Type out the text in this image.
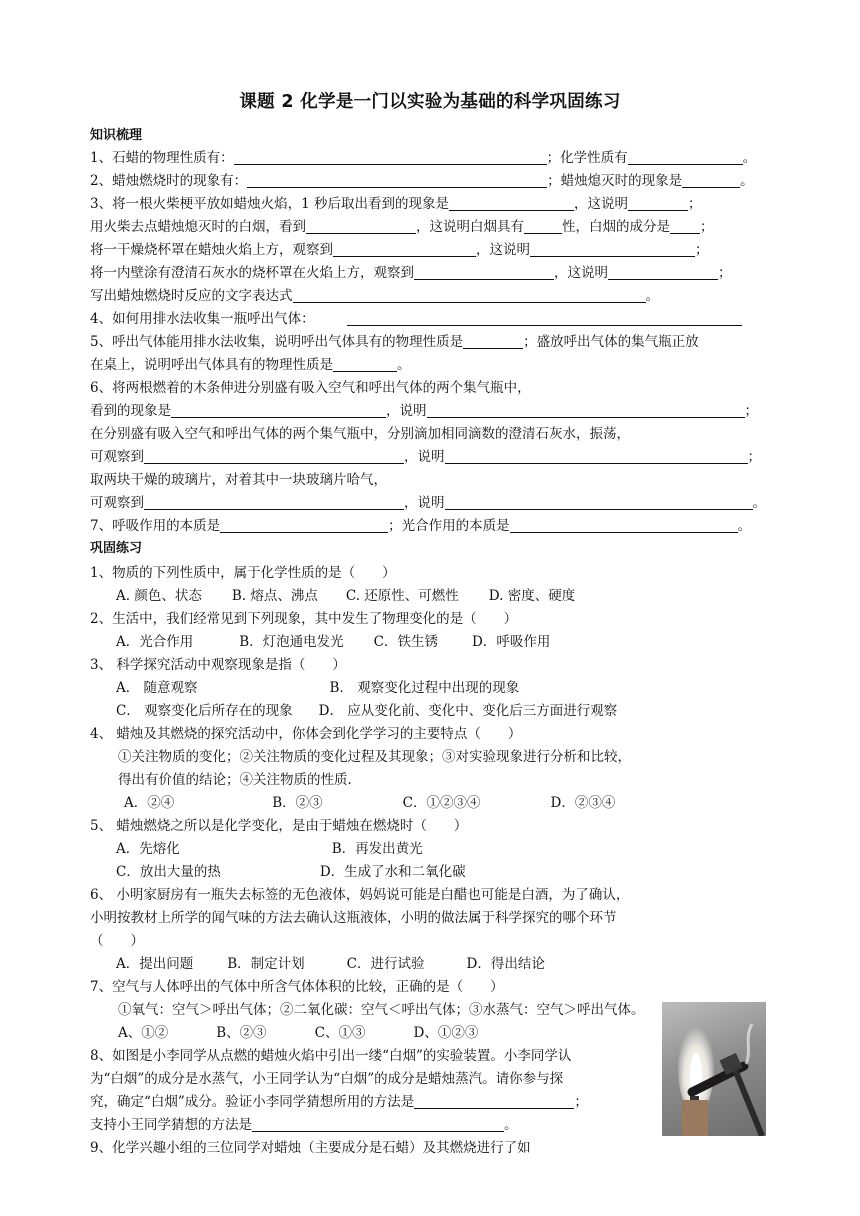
课题 2 化学是一门以实验为基础的科学巩固练习
知识梳理
1、石蜡的物理性质有：	；化学性质有	。
2、蜡烛燃烧时的现象有：	；蜡烛熄灭时的现象是	。
3、将一根火柴梗平放如蜡烛火焰，1 秒后取出看到的现象是	，这说明	；
用火柴去点蜡烛熄灭时的白烟，看到	，这说明白烟具有	性，白烟的成分是 ；
将一干燥烧杯罩在蜡烛火焰上方，观察到	，这说明	；
将一内壁涂有澄清石灰水的烧杯罩在火焰上方，观察到	，这说明	；
写出蜡烛燃烧时反应的文字表达式	。
4、如何用排水法收集一瓶呼出气体：
5、呼出气体能用排水法收集，说明呼出气体具有的物理性质是	；盛放呼出气体的集气瓶正放
在桌上，说明呼出气体具有的物理性质是	。
6、将两根燃着的木条伸进分别盛有吸入空气和呼出气体的两个集气瓶中，
看到的现象是	，说明	；
在分别盛有吸入空气和呼出气体的两个集气瓶中，分别滴加相同滴数的澄清石灰水，振荡，
可观察到	，说明	；
取两块干燥的玻璃片，对着其中一块玻璃片哈气，
可观察到	，说明	。
7、呼吸作用的本质是	；光合作用的本质是	。
巩固练习
1、物质的下列性质中，属于化学性质的是（　　）
A. 颜色、状态 B. 熔点、沸点 C. 还原性、可燃性 D. 密度、硬度
2、生活中，我们经常见到下列现象，其中发生了物理变化的是（　　）
A．光合作用	B．灯泡通电发光 C．铁生锈	D．呼吸作用
3、 科学探究活动中观察现象是指（　　）
A． 随意观察	B． 观察变化过程中出现的现象
C． 观察变化后所存在的现象 D． 应从变化前、变化中、变化后三方面进行观察
4、 蜡烛及其燃烧的探究活动中，你体会到化学学习的主要特点（　　）
①关注物质的变化；②关注物质的变化过程及其现象；③对实验现象进行分析和比较，
得出有价值的结论；④关注物质的性质．
A．②④	B．②③	C．①②③④	D．②③④
5、 蜡烛燃烧之所以是化学变化，是由于蜡烛在燃烧时（　　）
A．先熔化	B．再发出黄光
C．放出大量的热	D．生成了水和二氧化碳
6、 小明家厨房有一瓶失去标签的无色液体，妈妈说可能是白醋也可能是白酒，为了确认，
小明按教材上所学的闻气味的方法去确认这瓶液体，小明的做法属于科学探究的哪个环节
（　　）
A．提出问题	B．制定计划	C．进行试验	D．得出结论
7、空气与人体呼出的气体中所含气体体积的比较，正确的是（　　）
①氧气：空气＞呼出气体；②二氧化碳：空气＜呼出气体；③水蒸气：空气＞呼出气体。
A、①②	B、②③	C、①③	D、①②③
8、如图是小李同学从点燃的蜡烛火焰中引出一缕“白烟”的实验装置。小李同学认
为“白烟”的成分是水蒸气，小王同学认为“白烟”的成分是蜡烛蒸汽。请你参与探
究，确定“白烟”成分。验证小李同学猜想所用的方法是	；
支持小王同学猜想的方法是	。
9、化学兴趣小组的三位同学对蜡烛（主要成分是石蜡）及其燃烧进行了如
